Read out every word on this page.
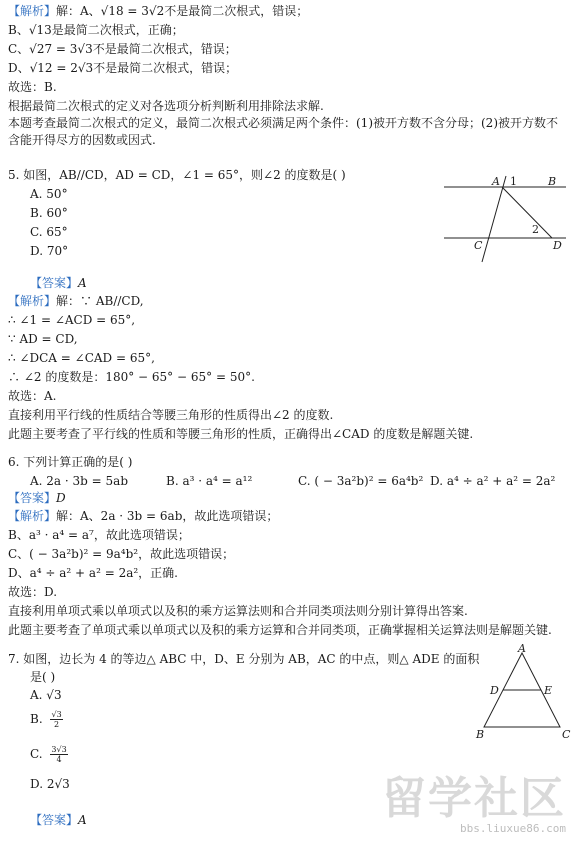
【解析】解：A、√18 = 3√2不是最简二次根式，错误；
B、√13是最简二次根式，正确；
C、√27 = 3√3不是最简二次根式，错误；
D、√12 = 2√3不是最简二次根式，错误；
故选：B.
根据最简二次根式的定义对各选项分析判断利用排除法求解.
本题考查最简二次根式的定义，最简二次根式必须满足两个条件：(1)被开方数不含分母；(2)被开方数不含能开得尽方的因数或因式.
5. 如图，AB//CD，AD = CD，∠1 = 65°，则∠2 的度数是( )
A. 50°
B. 60°
C. 65°
D. 70°
A 1	B
C
2
D
【答案】A
【解析】解：∵ AB//CD,
∴ ∠1 = ∠ACD = 65°,
∵ AD = CD,
∴ ∠DCA = ∠CAD = 65°,
∴ ∠2 的度数是：180° − 65° − 65° = 50°.
故选：A.
直接利用平行线的性质结合等腰三角形的性质得出∠2 的度数.
此题主要考查了平行线的性质和等腰三角形的性质，正确得出∠CAD 的度数是解题关键.
6. 下列计算正确的是( )
A. 2a · 3b = 5ab	B. a³ · a⁴ = a¹²	C. ( − 3a²b)² = 6a⁴b² D. a⁴ ÷ a² + a² = 2a²
【答案】D
【解析】解：A、2a · 3b = 6ab，故此选项错误；
B、a³ · a⁴ = a⁷，故此选项错误；
C、( − 3a²b)² = 9a⁴b²，故此选项错误；
D、a⁴ ÷ a² + a² = 2a²，正确.
故选：D.
直接利用单项式乘以单项式以及积的乘方运算法则和合并同类项法则分别计算得出答案.
此题主要考查了单项式乘以单项式以及积的乘方运算和合并同类项，正确掌握相关运算法则是解题关键.
7. 如图，边长为 4 的等边△ ABC 中，D、E 分别为 AB，AC 的中点，则△ ADE 的面积
是( )
A. √3
B. $\frac{√3}{2}$
C. $\frac{3√3}{4}$
D. 2√3
A
D	E
B	C
【答案】A	留学社区
bbs.liuxue86.com
